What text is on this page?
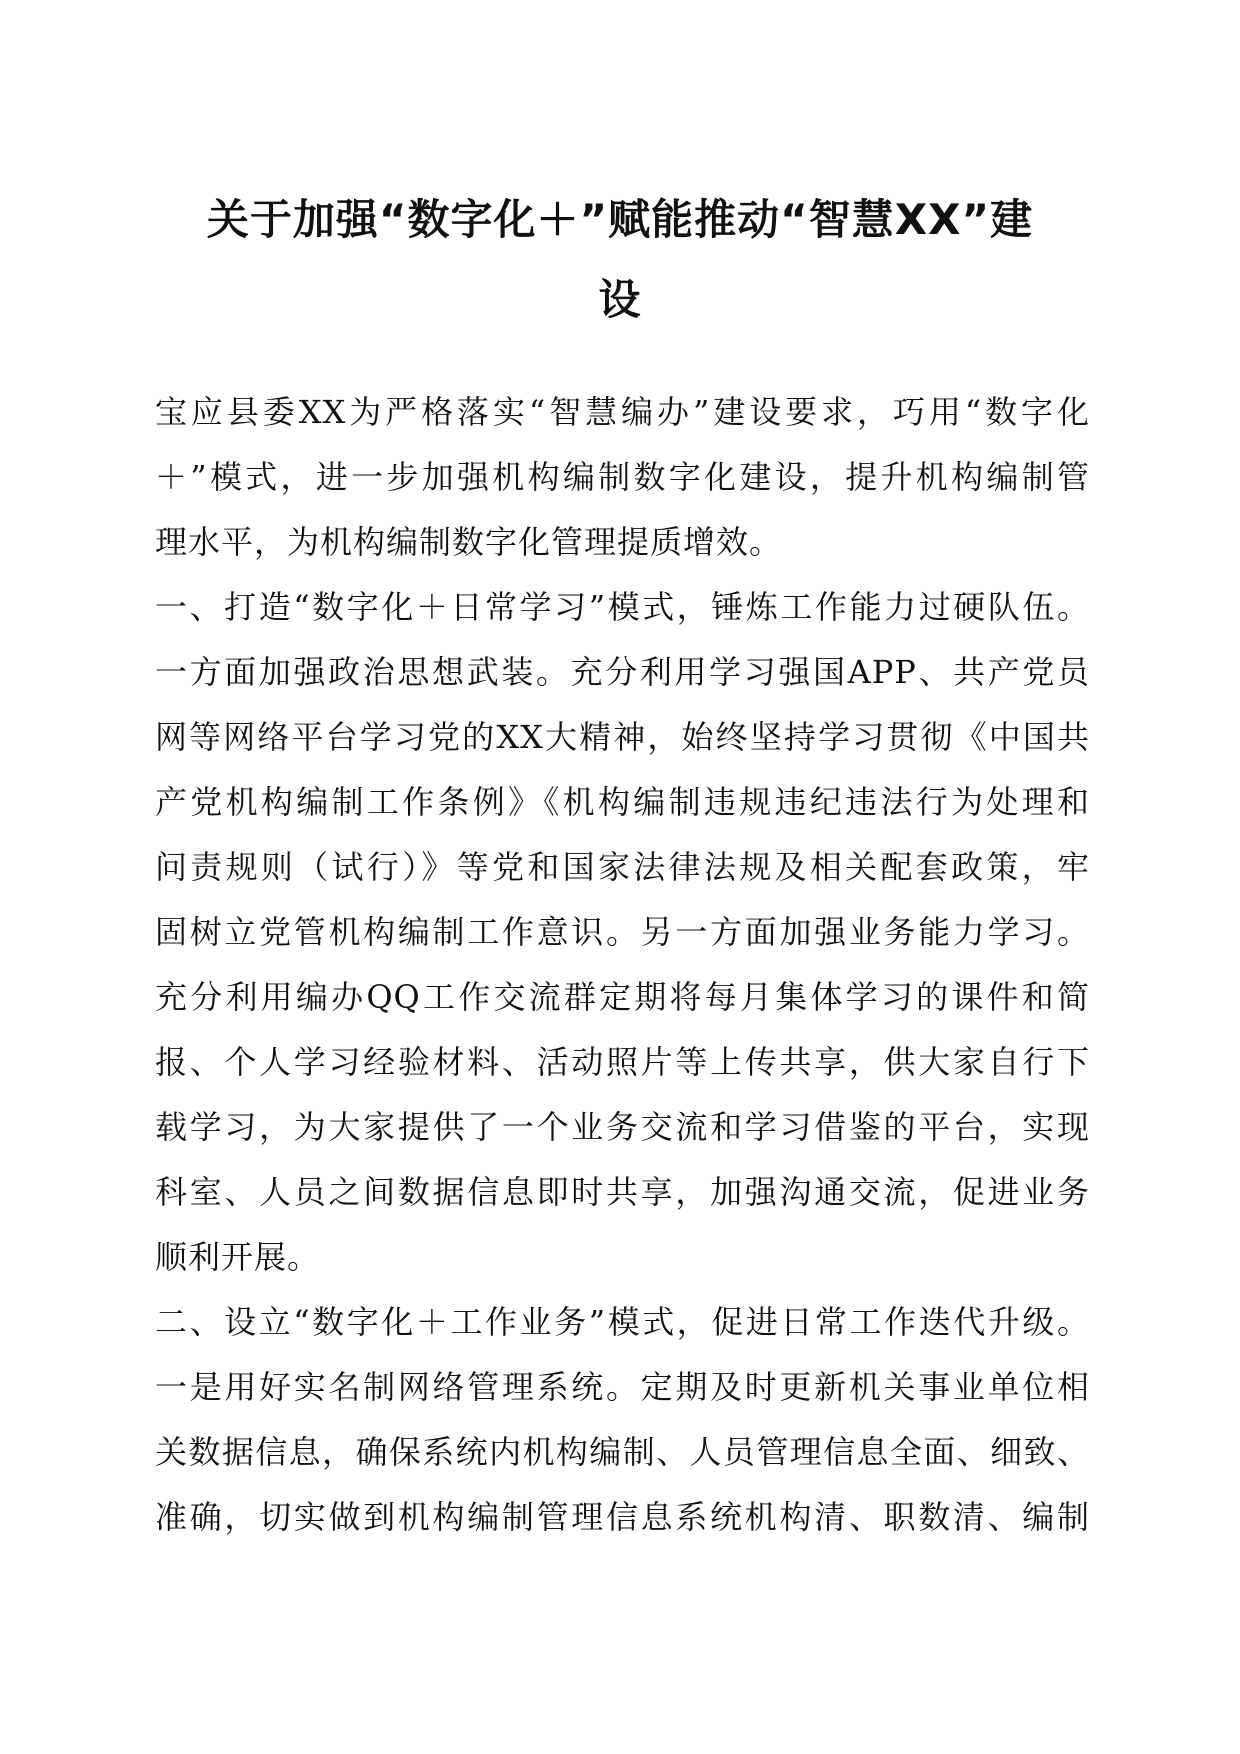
关于加强“数字化＋”赋能推动“智慧XX”建
设
宝应县委XX为严格落实“智慧编办”建设要求，巧用“数字化
＋”模式，进一步加强机构编制数字化建设，提升机构编制管
理水平，为机构编制数字化管理提质增效。
一、打造“数字化＋日常学习”模式，锤炼工作能力过硬队伍。
一方面加强政治思想武装。充分利用学习强国APP、共产党员
网等网络平台学习党的XX大精神，始终坚持学习贯彻《中国共
产党机构编制工作条例》《机构编制违规违纪违法行为处理和
问责规则（试行）》等党和国家法律法规及相关配套政策，牢
固树立党管机构编制工作意识。另一方面加强业务能力学习。
充分利用编办QQ工作交流群定期将每月集体学习的课件和简
报、个人学习经验材料、活动照片等上传共享，供大家自行下
载学习，为大家提供了一个业务交流和学习借鉴的平台，实现
科室、人员之间数据信息即时共享，加强沟通交流，促进业务
顺利开展。
二、设立“数字化＋工作业务”模式，促进日常工作迭代升级。
一是用好实名制网络管理系统。定期及时更新机关事业单位相
关数据信息，确保系统内机构编制、人员管理信息全面、细致、
准确，切实做到机构编制管理信息系统机构清、职数清、编制
